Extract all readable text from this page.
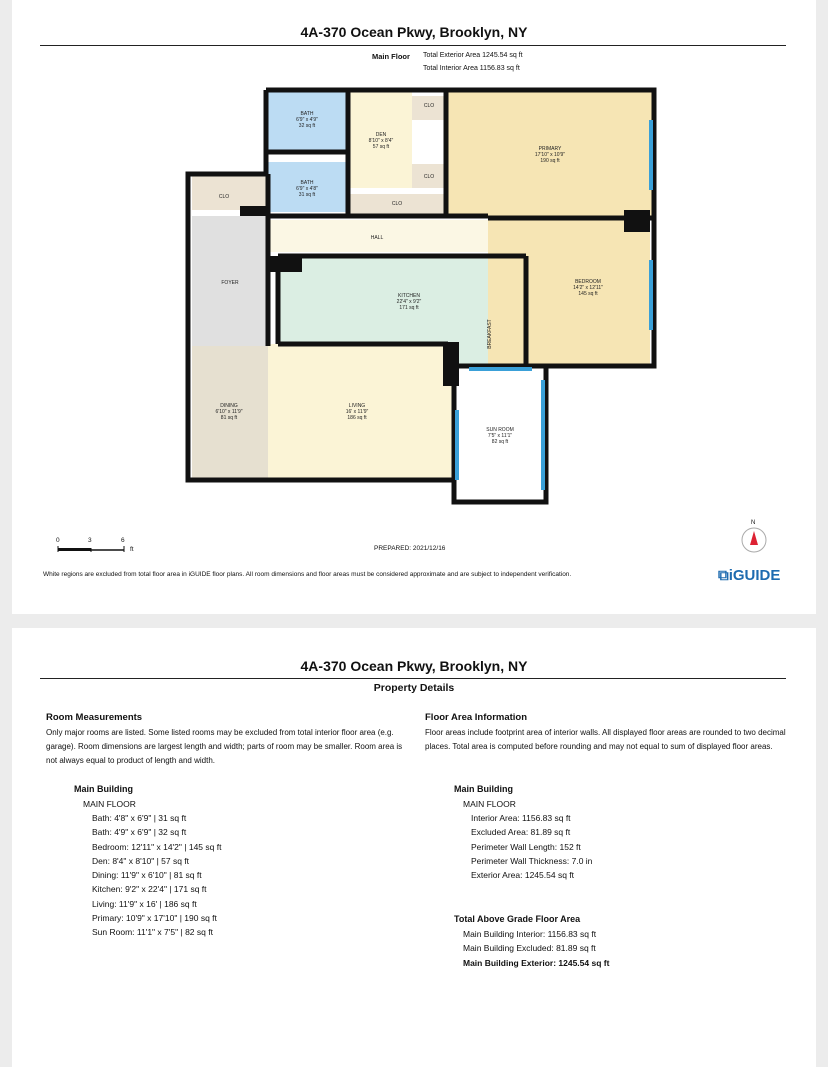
4A-370 Ocean Pkwy, Brooklyn, NY
Main Floor Total Exterior Area 1245.54 sq ft
Total Interior Area 1156.83 sq ft
BATH
6'9" x 4'9"
32 sq ft
BATH
6'9" x 4'8"
31 sq ft
DEN
8'10" x 8'4"
57 sq ft
CLO
CLO
CLO
CLO
PRIMARY
17'10" x 10'9"
190 sq ft
HALL
FOYER
KITCHEN
22'4" x 9'2"
171 sq ft
BREAKFAST
BEDROOM
14'2" x 12'11"
145 sq ft
DINING
6'10" x 11'9"
81 sq ft
LIVING
16' x 11'9"
186 sq ft
SUN ROOM
7'5" x 11'1"
82 sq ft
0	3	6
ft
N
PREPARED: 2021/12/16
White regions are excluded from total floor area in iGUIDE floor plans. All room dimensions and floor areas must be considered approximate and are subject to independent verification.	⧉iGUIDE
4A-370 Ocean Pkwy, Brooklyn, NY
Property Details
Room Measurements
Only major rooms are listed. Some listed rooms may be excluded from total interior floor area (e.g. garage). Room dimensions are largest length and width; parts of room may be smaller. Room area is not always equal to product of length and width.
Main Building
MAIN FLOOR
Bath: 4'8" x 6'9" | 31 sq ft
Bath: 4'9" x 6'9" | 32 sq ft
Bedroom: 12'11" x 14'2" | 145 sq ft
Den: 8'4" x 8'10" | 57 sq ft
Dining: 11'9" x 6'10" | 81 sq ft
Kitchen: 9'2" x 22'4" | 171 sq ft
Living: 11'9" x 16' | 186 sq ft
Primary: 10'9" x 17'10" | 190 sq ft
Sun Room: 11'1" x 7'5" | 82 sq ft
Floor Area Information
Floor areas include footprint area of interior walls. All displayed floor areas are rounded to two decimal places. Total area is computed before rounding and may not equal to sum of displayed floor areas.
Main Building
MAIN FLOOR
Interior Area: 1156.83 sq ft
Excluded Area: 81.89 sq ft
Perimeter Wall Length: 152 ft
Perimeter Wall Thickness: 7.0 in
Exterior Area: 1245.54 sq ft
Total Above Grade Floor Area
Main Building Interior: 1156.83 sq ft
Main Building Excluded: 81.89 sq ft
Main Building Exterior: 1245.54 sq ft
